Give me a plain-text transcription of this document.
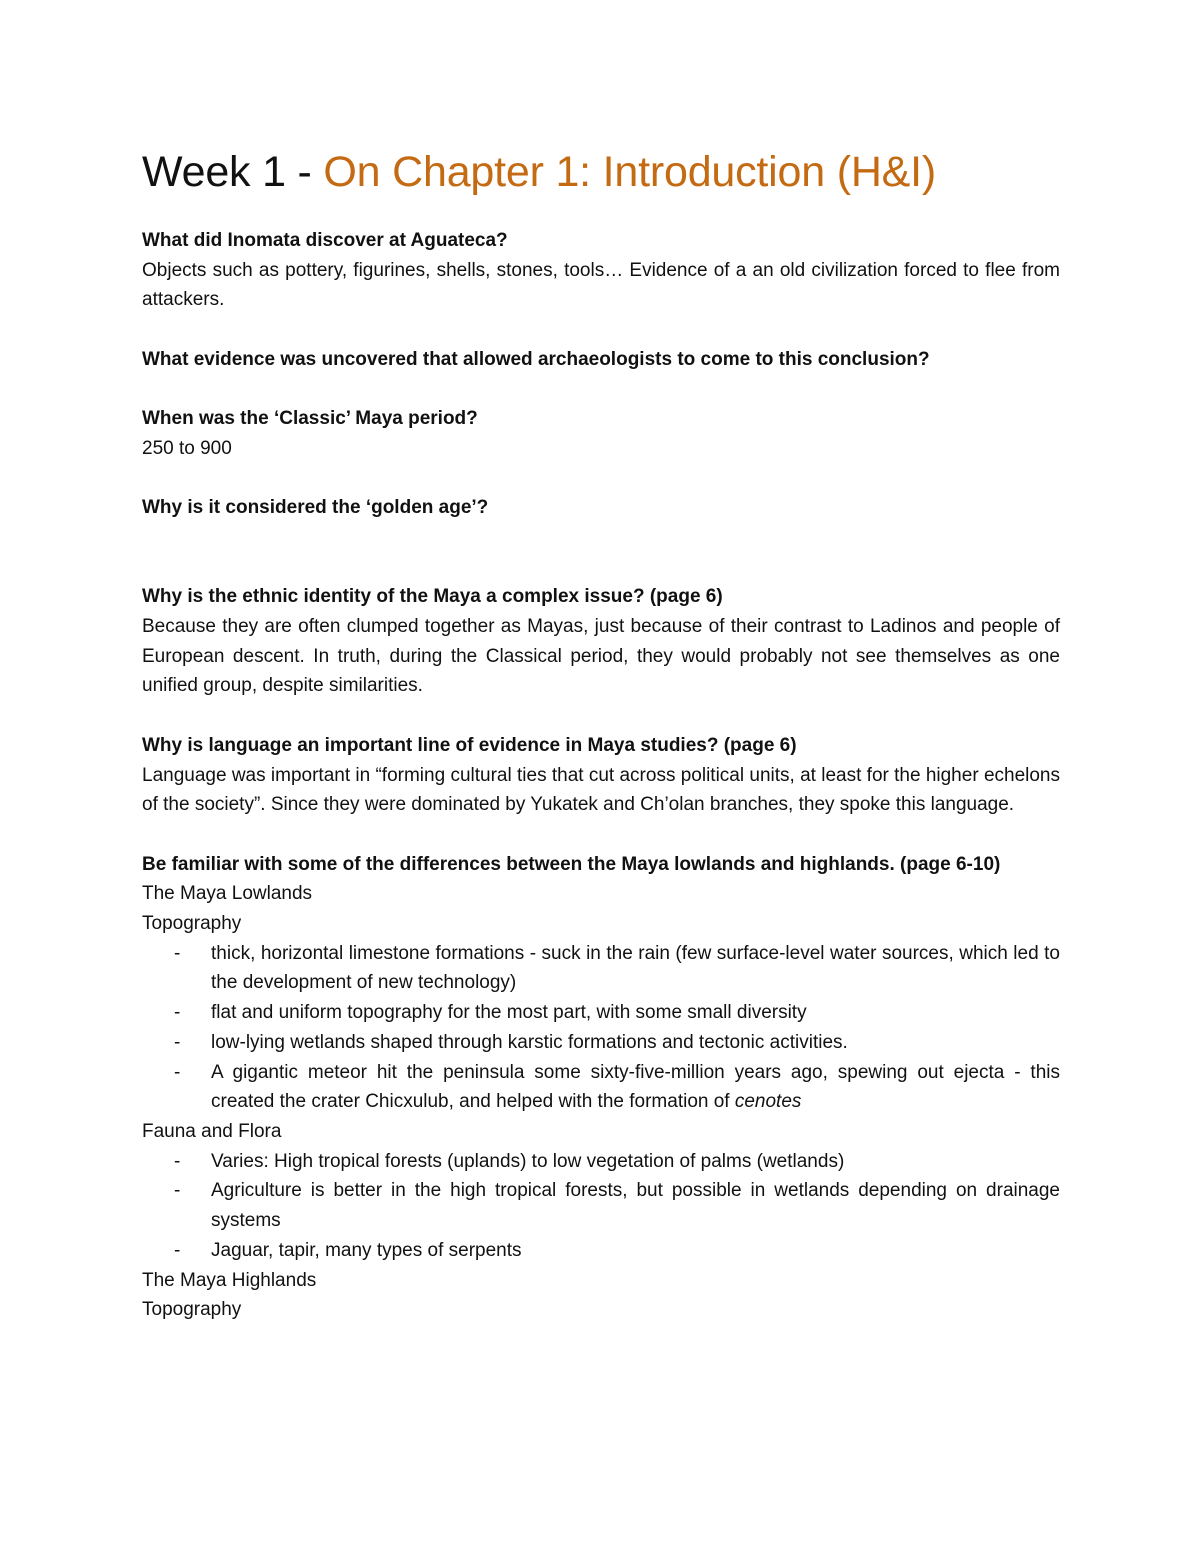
Week 1 - On Chapter 1: Introduction (H&I)

What did Inomata discover at Aguateca?

Objects such as pottery, figurines, shells, stones, tools… Evidence of a an old civilization forced to flee from attackers.

What evidence was uncovered that allowed archaeologists to come to this conclusion?

When was the ‘Classic’ Maya period?

250 to 900

Why is it considered the ‘golden age’?

Why is the ethnic identity of the Maya a complex issue? (page 6)

Because they are often clumped together as Mayas, just because of their contrast to Ladinos and people of European descent. In truth, during the Classical period, they would probably not see themselves as one unified group, despite similarities.

Why is language an important line of evidence in Maya studies? (page 6)

Language was important in “forming cultural ties that cut across political units, at least for the higher echelons of the society”. Since they were dominated by Yukatek and Ch’olan branches, they spoke this language.

Be familiar with some of the differences between the Maya lowlands and highlands. (page 6-10)

The Maya Lowlands

Topography

- thick, horizontal limestone formations - suck in the rain (few surface-level water sources, which led to the development of new technology)
- flat and uniform topography for the most part, with some small diversity
- low-lying wetlands shaped through karstic formations and tectonic activities.
- A gigantic meteor hit the peninsula some sixty-five-million years ago, spewing out ejecta - this created the crater Chicxulub, and helped with the formation of cenotes

Fauna and Flora

- Varies: High tropical forests (uplands) to low vegetation of palms (wetlands)
- Agriculture is better in the high tropical forests, but possible in wetlands depending on drainage systems
- Jaguar, tapir, many types of serpents

The Maya Highlands

Topography
